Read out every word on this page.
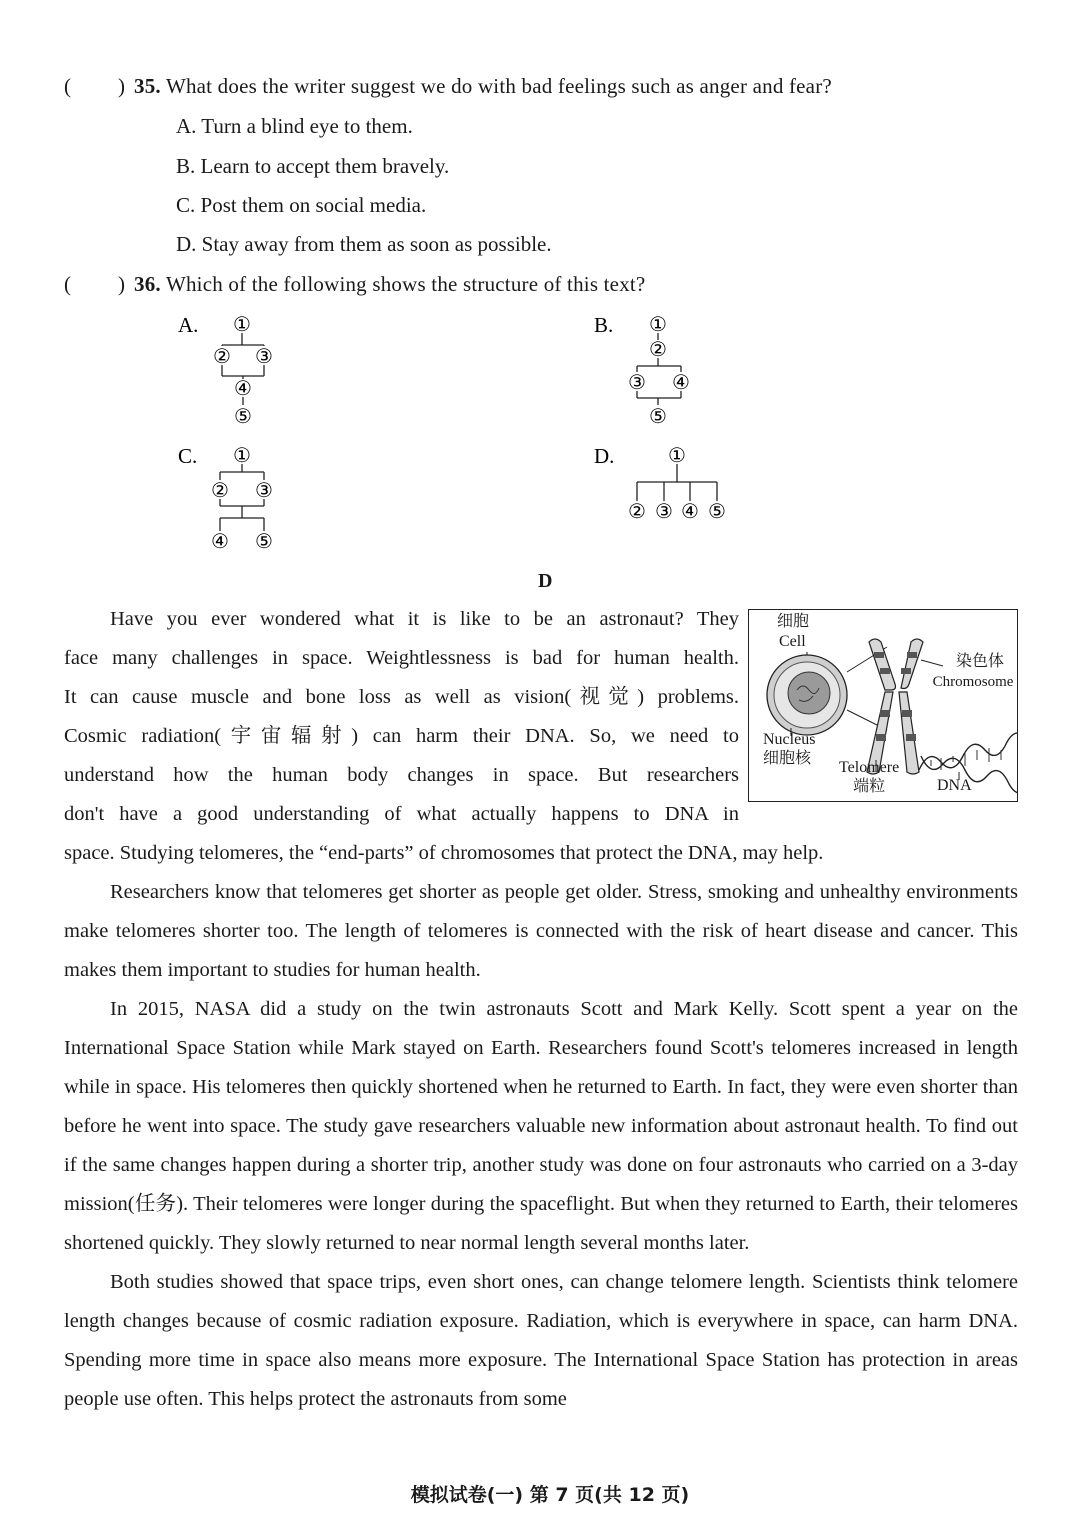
( ) 35. What does the writer suggest we do with bad feelings such as anger and fear?
A. Turn a blind eye to them.
B. Learn to accept them bravely.
C. Post them on social media.
D. Stay away from them as soon as possible.
( ) 36. Which of the following shows the structure of this text?
A.	B.
C.	D.
①
② ③
④
⑤
①
②
③ ④
⑤
①
② ③
④ ⑤
①
② ③ ④ ⑤
D
细胞
Cell
染色体
Chromosome
Nucleus
细胞核
Telomere
端粒	DNA
Have you ever wondered what it is like to be an astronaut? They
face many challenges in space. Weightlessness is bad for human health.
It can cause muscle and bone loss as well as vision(视觉) problems.
Cosmic radiation(宇宙辐射) can harm their DNA. So, we need to
understand how the human body changes in space. But researchers
don't have a good understanding of what actually happens to DNA in
space. Studying telomeres, the “end-parts” of chromosomes that protect the DNA, may help.

Researchers know that telomeres get shorter as people get older. Stress, smoking and unhealthy environments make telomeres shorter too. The length of telomeres is connected with the risk of heart disease and cancer. This makes them important to studies for human health.

In 2015, NASA did a study on the twin astronauts Scott and Mark Kelly. Scott spent a year on the International Space Station while Mark stayed on Earth. Researchers found Scott's telomeres increased in length while in space. His telomeres then quickly shortened when he returned to Earth. In fact, they were even shorter than before he went into space. The study gave researchers valuable new information about astronaut health. To find out if the same changes happen during a shorter trip, another study was done on four astronauts who carried on a 3-day mission(任务). Their telomeres were longer during the spaceflight. But when they returned to Earth, their telomeres shortened quickly. They slowly returned to near normal length several months later.

Both studies showed that space trips, even short ones, can change telomere length. Scientists think telomere length changes because of cosmic radiation exposure. Radiation, which is everywhere in space, can harm DNA. Spending more time in space also means more exposure. The International Space Station has protection in areas people use often. This helps protect the astronauts from some

模拟试卷(一) 第 7 页(共 12 页)
